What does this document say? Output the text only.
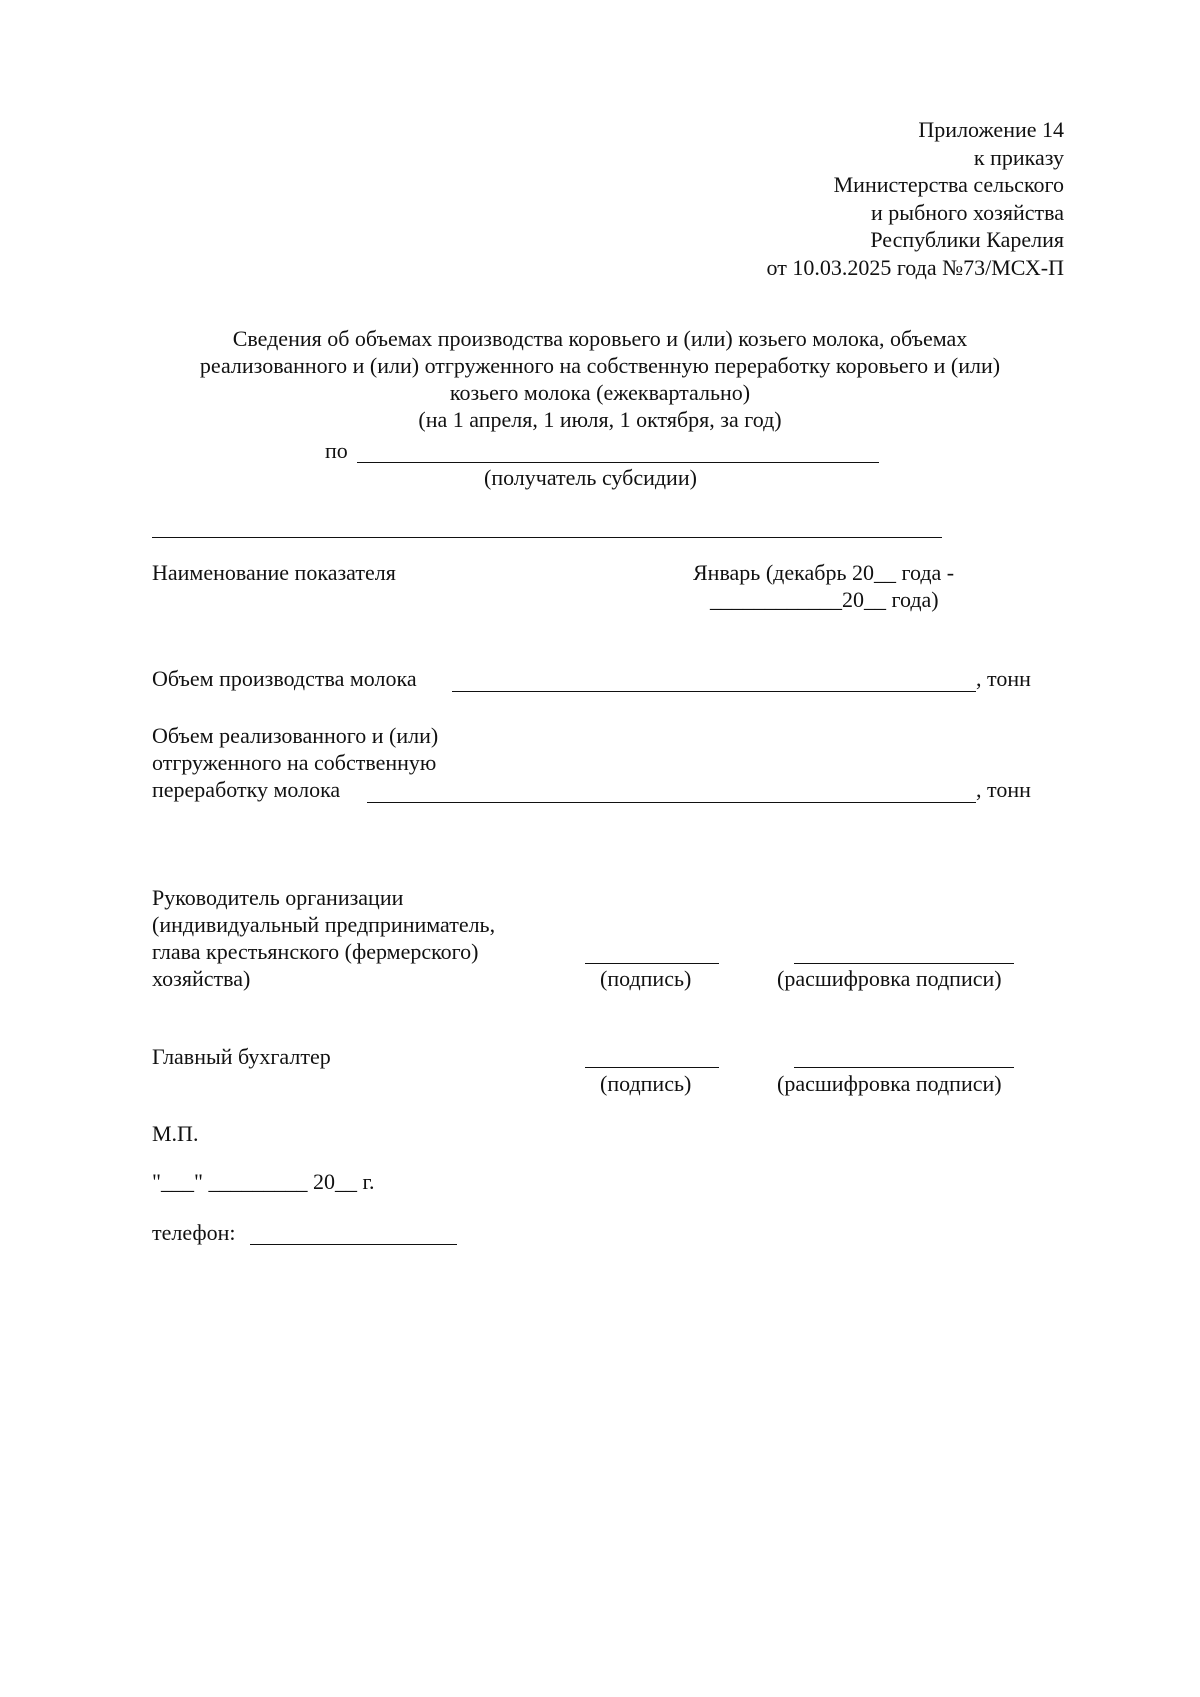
Приложение 14
к приказу
Министерства сельского
и рыбного хозяйства
Республики Карелия
от 10.03.2025 года №73/МСХ-П
Сведения об объемах производства коровьего и (или) козьего молока, объемах
реализованного и (или) отгруженного на собственную переработку коровьего и (или)
козьего молока (ежеквартально)
(на 1 апреля, 1 июля, 1 октября, за год)
по
(получатель субсидии)
Наименование показателя	Январь (декабрь 20__ года -
____________20__ года)
Объем производства молока	, тонн
Объем реализованного и (или)
отгруженного на собственную
переработку молока	, тонн
Руководитель организации
(индивидуальный предприниматель,
глава крестьянского (фермерского)
хозяйства)	(подпись)	(расшифровка подписи)
Главный бухгалтер
(подпись)	(расшифровка подписи)
М.П.
"___" _________ 20__ г.
телефон:
